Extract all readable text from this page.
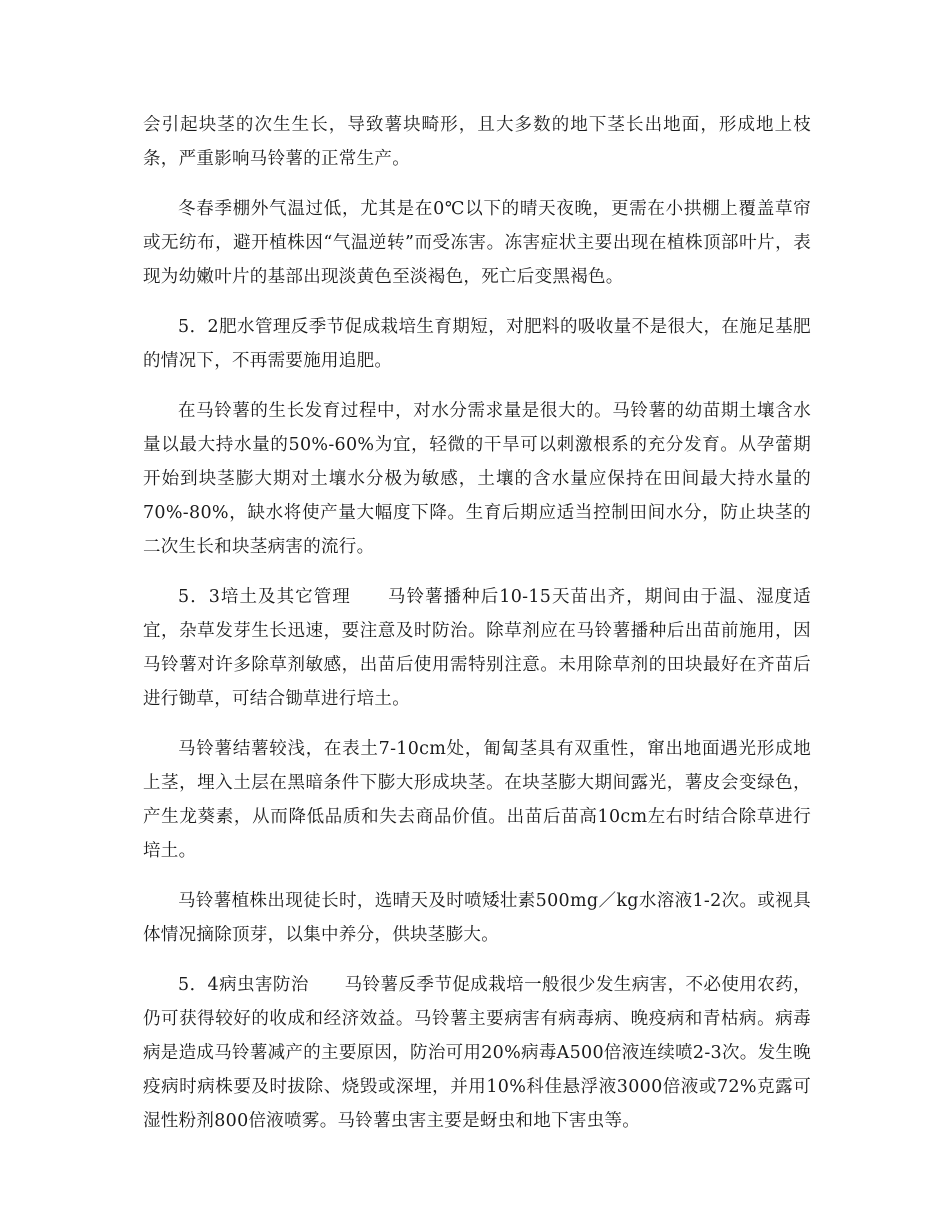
会引起块茎的次生生长，导致薯块畸形，且大多数的地下茎长出地面，形成地上枝条，严重影响马铃薯的正常生产。

冬春季棚外气温过低，尤其是在0℃以下的晴天夜晚，更需在小拱棚上覆盖草帘或无纺布，避开植株因“气温逆转”而受冻害。冻害症状主要出现在植株顶部叶片，表现为幼嫩叶片的基部出现淡黄色至淡褐色，死亡后变黑褐色。

5．2肥水管理反季节促成栽培生育期短，对肥料的吸收量不是很大，在施足基肥的情况下，不再需要施用追肥。

在马铃薯的生长发育过程中，对水分需求量是很大的。马铃薯的幼苗期土壤含水量以最大持水量的50%-60%为宜，轻微的干旱可以刺激根系的充分发育。从孕蕾期开始到块茎膨大期对土壤水分极为敏感，土壤的含水量应保持在田间最大持水量的70%-80%，缺水将使产量大幅度下降。生育后期应适当控制田间水分，防止块茎的二次生长和块茎病害的流行。

5．3培土及其它管理　　马铃薯播种后10-15天苗出齐，期间由于温、湿度适宜，杂草发芽生长迅速，要注意及时防治。除草剂应在马铃薯播种后出苗前施用，因马铃薯对许多除草剂敏感，出苗后使用需特别注意。未用除草剂的田块最好在齐苗后进行锄草，可结合锄草进行培土。

马铃薯结薯较浅，在表土7-10cm处，匍匐茎具有双重性，窜出地面遇光形成地上茎，埋入土层在黑暗条件下膨大形成块茎。在块茎膨大期间露光，薯皮会变绿色，产生龙葵素，从而降低品质和失去商品价值。出苗后苗高10cm左右时结合除草进行培土。

马铃薯植株出现徒长时，选晴天及时喷矮壮素500mg／kg水溶液1-2次。或视具体情况摘除顶芽，以集中养分，供块茎膨大。

5．4病虫害防治　　马铃薯反季节促成栽培一般很少发生病害，不必使用农药，仍可获得较好的收成和经济效益。马铃薯主要病害有病毒病、晚疫病和青枯病。病毒病是造成马铃薯减产的主要原因，防治可用20%病毒A500倍液连续喷2-3次。发生晚疫病时病株要及时拔除、烧毁或深埋，并用10%科佳悬浮液3000倍液或72%克露可湿性粉剂800倍液喷雾。马铃薯虫害主要是蚜虫和地下害虫等。
